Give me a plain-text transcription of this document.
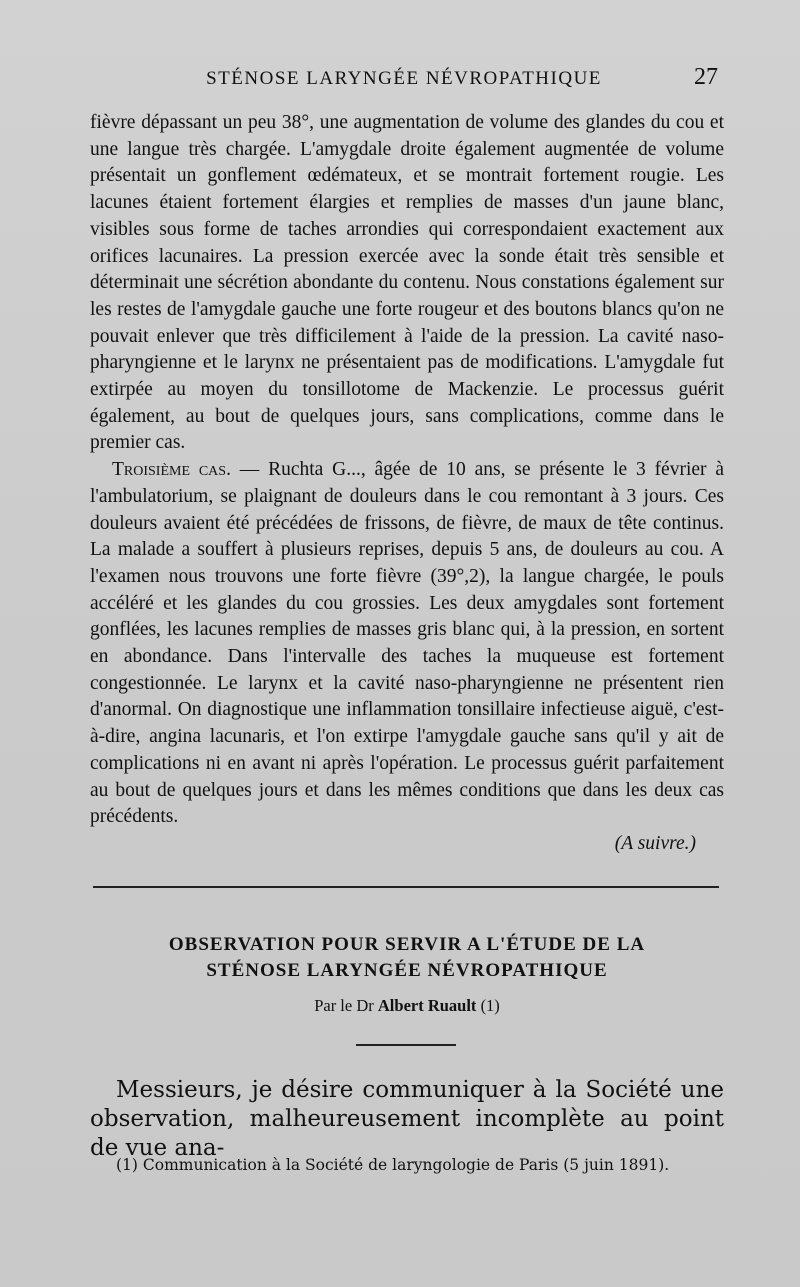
STÉNOSE LARYNGÉE NÉVROPATHIQUE	27

fièvre dépassant un peu 38°, une augmentation de volume des glandes du cou et une langue très chargée. L'amygdale droite également augmentée de volume présentait un gonflement œdémateux, et se montrait fortement rougie. Les lacunes étaient fortement élargies et remplies de masses d'un jaune blanc, visibles sous forme de taches arrondies qui correspondaient exactement aux orifices lacunaires. La pression exercée avec la sonde était très sensible et déterminait une sécrétion abondante du contenu. Nous constations également sur les restes de l'amygdale gauche une forte rougeur et des boutons blancs qu'on ne pouvait enlever que très difficilement à l'aide de la pression. La cavité naso-pharyngienne et le larynx ne présentaient pas de modifications. L'amygdale fut extirpée au moyen du tonsillotome de Mackenzie. Le processus guérit également, au bout de quelques jours, sans complications, comme dans le premier cas.

Troisième cas. — Ruchta G..., âgée de 10 ans, se présente le 3 février à l'ambulatorium, se plaignant de douleurs dans le cou remontant à 3 jours. Ces douleurs avaient été précédées de frissons, de fièvre, de maux de tête continus. La malade a souffert à plusieurs reprises, depuis 5 ans, de douleurs au cou. A l'examen nous trouvons une forte fièvre (39°,2), la langue chargée, le pouls accéléré et les glandes du cou grossies. Les deux amygdales sont fortement gonflées, les lacunes remplies de masses gris blanc qui, à la pression, en sortent en abondance. Dans l'intervalle des taches la muqueuse est fortement congestionnée. Le larynx et la cavité naso-pharyngienne ne présentent rien d'anormal. On diagnostique une inflammation tonsillaire infectieuse aiguë, c'est-à-dire, angina lacunaris, et l'on extirpe l'amygdale gauche sans qu'il y ait de complications ni en avant ni après l'opération. Le processus guérit parfaitement au bout de quelques jours et dans les mêmes conditions que dans les deux cas précédents.

(A suivre.)

OBSERVATION POUR SERVIR A L'ÉTUDE DE LA
STÉNOSE LARYNGÉE NÉVROPATHIQUE
Par le Dr Albert Ruault (1)

Messieurs, je désire communiquer à la Société une observation, malheureusement incomplète au point de vue ana-

(1) Communication à la Société de laryngologie de Paris (5 juin 1891).
